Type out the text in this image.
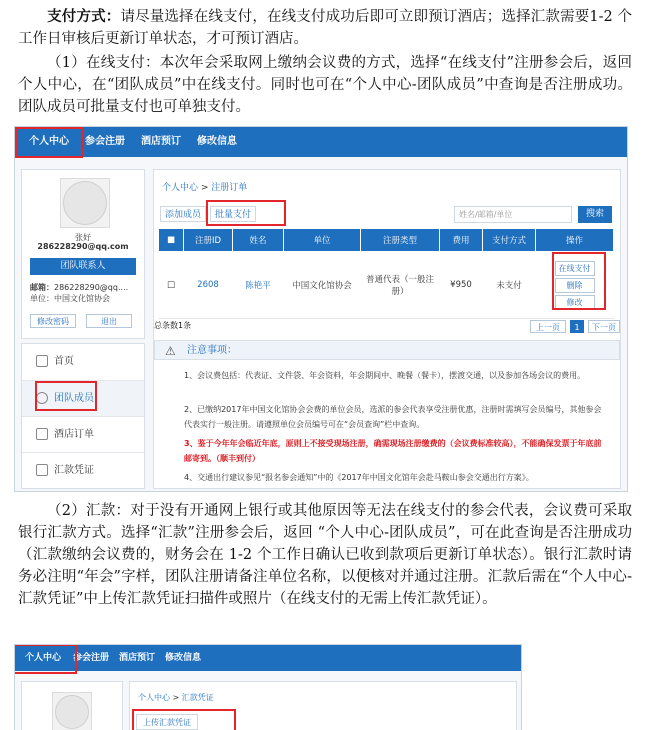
支付方式：请尽量选择在线支付，在线支付成功后即可立即预订酒店；选择汇款需要1-2 个工作日审核后更新订单状态，才可预订酒店。
（1）在线支付：本次年会采取网上缴纳会议费的方式，选择“在线支付”注册参会后，返回个人中心，在“团队成员”中在线支付。同时也可在“个人中心-团队成员”中查询是否注册成功。团队成员可批量支付也可单独支付。
个人中心 参会注册 酒店预订 修改信息
张好
286228290@qq.com
团队联系人
邮箱：286228290@qq....
单位：中国文化馆协会
修改密码	退出
首页
团队成员
酒店订单
汇款凭证
个人中心 > 注册订单
添加成员	批量支付	姓名/邮箱/单位	搜索
■	注册ID	姓名	单位	注册类型	费用	支付方式	操作
□	2608	陈艳平	中国文化馆协会	普通代表（一般注册）	¥950	未支付	在线支付
删除
修改
总条数1条	上一页	1	下一页
⚠ 注意事项：
1、会议费包括：代表证、文件袋、年会资料，年会期间中、晚餐（餐卡），摆渡交通，以及参加各场会议的费用。
2、已缴纳2017年中国文化馆协会会费的单位会员，选派的参会代表享受注册优惠，注册时需填写会员编号，其他参会代表实行一般注册。请遵照单位会员编号可在“会员查询”栏中查询。
3、鉴于今年年会临近年底，原则上不接受现场注册，确需现场注册缴费的（会议费标准较高），不能确保发票于年底前邮寄到。（顺丰到付）
4、交通出行建议参见“报名参会通知”中的《2017年中国文化馆年会赴马鞍山参会交通出行方案》。
（2）汇款：对于没有开通网上银行或其他原因等无法在线支付的参会代表，会议费可采取银行汇款方式。选择“汇款”注册参会后，返回 “个人中心-团队成员”，可在此查询是否注册成功（汇款缴纳会议费的，财务会在 1-2 个工作日确认已收到款项后更新订单状态）。银行汇款时请务必注明“年会”字样，团队注册请备注单位名称，以便核对并通过注册。汇款后需在“个人中心-汇款凭证”中上传汇款凭证扫描件或照片（在线支付的无需上传汇款凭证）。
个人中心 参会注册 酒店预订 修改信息
个人中心 > 汇款凭证
上传汇款凭证
